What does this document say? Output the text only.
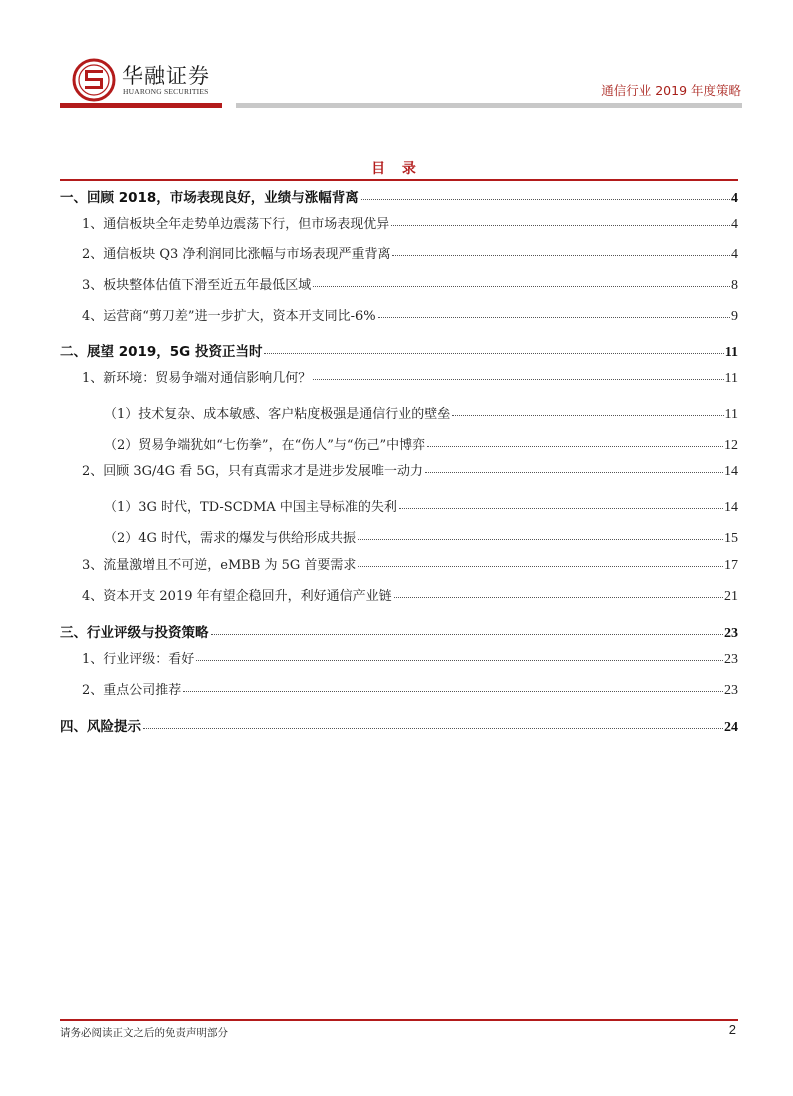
华融证券
HUARONG SECURITIES	通信行业 2019 年度策略
目 录
一、回顾 2018，市场表现良好，业绩与涨幅背离	4
1、通信板块全年走势单边震荡下行，但市场表现优异	4
2、通信板块 Q3 净利润同比涨幅与市场表现严重背离	4
3、板块整体估值下滑至近五年最低区域	8
4、运营商“剪刀差”进一步扩大，资本开支同比-6%	9
二、展望 2019，5G 投资正当时	11
1、新环境：贸易争端对通信影响几何？	11
（1）技术复杂、成本敏感、客户粘度极强是通信行业的壁垒	11
（2）贸易争端犹如“七伤拳”，在“伤人”与“伤己”中博弈	12
2、回顾 3G/4G 看 5G，只有真需求才是进步发展唯一动力	14
（1）3G 时代，TD-SCDMA 中国主导标准的失利	14
（2）4G 时代，需求的爆发与供给形成共振	15
3、流量激增且不可逆，eMBB 为 5G 首要需求	17
4、资本开支 2019 年有望企稳回升，利好通信产业链	21
三、行业评级与投资策略	23
1、行业评级：看好	23
2、重点公司推荐	23
四、风险提示	24
请务必阅读正文之后的免责声明部分	2
